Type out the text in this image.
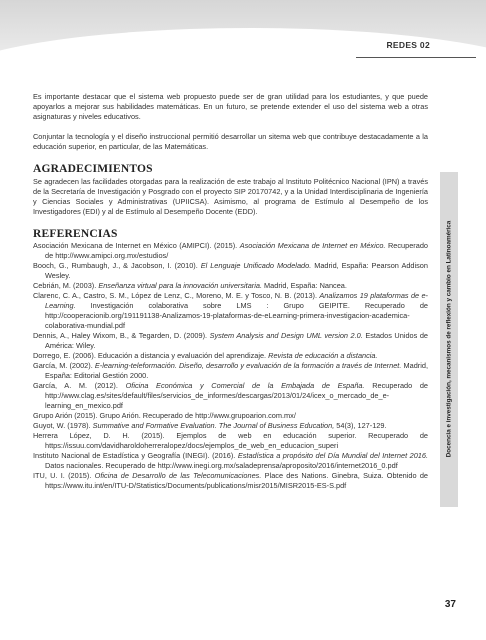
REDES 02
Docencia e investigación, mecanismos de reflexión y cambio en Latinoamérica

Es importante destacar que el sistema web propuesto puede ser de gran utilidad para los estudiantes, y que puede apoyarlos a mejorar sus habilidades matemáticas. En un futuro, se pretende extender el uso del sistema web a otras asignaturas y niveles educativos.

Conjuntar la tecnología y el diseño instruccional permitió desarrollar un sitema web que contribuye destacadamente a la educación superior, en particular, de las Matemáticas.

AGRADECIMIENTOS

Se agradecen las facilidades otorgadas para la realización de este trabajo al Instituto Politécnico Nacional (IPN) a través de la Secretaría de Investigación y Posgrado con el proyecto SIP 20170742, y a la Unidad Interdisciplinaria de Ingeniería y Ciencias Sociales y Administrativas (UPIICSA). Asimismo, al programa de Estímulo al Desempeño de los Investigadores (EDI) y al de Estímulo al Desempeño Docente (EDD).

REFERENCIAS
Asociación Mexicana de Internet en México (AMIPCI). (2015). Asociación Mexicana de Internet en México. Recuperado de http://www.amipci.org.mx/estudios/
Booch, G., Rumbaugh, J., & Jacobson, I. (2010). El Lenguaje Unificado Modelado. Madrid, España: Pearson Addison Wesley.
Cebrián, M. (2003). Enseñanza virtual para la innovación universitaria. Madrid, España: Nancea.
Clarenc, C. A., Castro, S. M., López de Lenz, C., Moreno, M. E. y Tosco, N. B. (2013). Analizamos 19 plataformas de e-Learning. Investigación colaborativa sobre LMS : Grupo GEIPITE. Recuperado de http://cooperacionib.org/191191138-Analizamos-19-plataformas-de-eLearning-primera-investigacion-academica-colaborativa-mundial.pdf
Dennis, A., Haley Wixom, B., & Tegarden, D. (2009). System Analysis and Design UML version 2.0. Estados Unidos de América: Wiley.
Dorrego, E. (2006). Educación a distancia y evaluación del aprendizaje. Revista de educación a distancia.
García, M. (2002). E-learning-teleformación. Diseño, desarrollo y evaluación de la formación a través de Internet. Madrid, España: Editorial Gestión 2000.
García, A. M. (2012). Oficina Económica y Comercial de la Embajada de España. Recuperado de http://www.clag.es/sites/default/files/servicios_de_informes/descargas/2013/01/24/icex_o_mercado_de_e-learning_en_mexico.pdf
Grupo Arión (2015). Grupo Arión. Recuperado de http://www.grupoarion.com.mx/
Guyot, W. (1978). Summative and Formative Evaluation. The Journal of Business Education, 54(3), 127-129.
Herrera López, D. H. (2015). Ejemplos de web en educación superior. Recuperado de https://issuu.com/davidharoldoherreralopez/docs/ejemplos_de_web_en_educacion_superi
Instituto Nacional de Estadística y Geografía (INEGI). (2016). Estadística a propósito del Día Mundial del Internet 2016. Datos nacionales. Recuperado de http://www.inegi.org.mx/saladeprensa/aproposito/2016/internet2016_0.pdf
ITU, U. I. (2015). Oficina de Desarrollo de las Telecomunicaciones. Place des Nations. Ginebra, Suiza. Obtenido de https://www.itu.int/en/ITU-D/Statistics/Documents/publications/misr2015/MISR2015-ES-S.pdf
37
